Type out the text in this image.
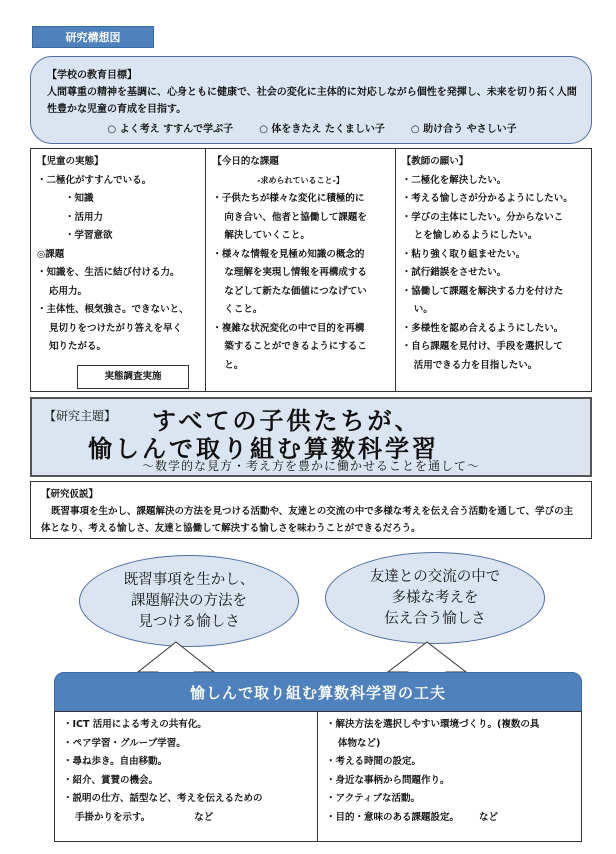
研究構想図
【学校の教育目標】
人間尊重の精神を基調に、心身ともに健康で、社会の変化に主体的に対応しながら個性を発揮し、未来を切り拓く人間性豊かな児童の育成を目指す。
○ よく考え すすんで学ぶ子	○ 体をきたえ たくましい子	○ 助け合う やさしい子
【児童の実態】
・二極化がすすんでいる。
・知識
・活用力
・学習意欲
◎課題
・知識を、生活に結び付ける力。
応用力。
・主体性、根気強さ。できないと、
見切りをつけたがり答えを早く
知りたがる。
実態調査実施
【今日的な課題
-求められていること-】
・子供たちが様々な変化に積極的に
向き合い、他者と協働して課題を
解決していくこと。
・様々な情報を見極め知識の概念的
な理解を実現し情報を再構成する
などして新たな価値につなげてい
くこと。
・複雑な状況変化の中で目的を再構
築することができるようにするこ
と。
【教師の願い】
・二極化を解決したい。
・考える愉しさが分かるようにしたい。
・学びの主体にしたい。分からないこ
とを愉しめるようにしたい。
・粘り強く取り組ませたい。
・試行錯誤をさせたい。
・協働して課題を解決する力を付けた
い。
・多様性を認め合えるようにしたい。
・自ら課題を見付け、手段を選択して
活用できる力を目指したい。
【研究主題】 すべての子供たちが、
愉しんで取り組む算数科学習
～数学的な見方・考え方を豊かに働かせることを通して～
【研究仮説】
既習事項を生かし、課題解決の方法を見つける活動や、友達との交流の中で多様な考えを伝え合う活動を通して、学びの主体となり、考える愉しさ、友達と協働して解決する愉しさを味わうことができるだろう。
既習事項を生かし、
課題解決の方法を
見つける愉しさ
友達との交流の中で
多様な考えを
伝え合う愉しさ
愉しんで取り組む算数科学習の工夫
・ICT 活用による考えの共有化。
・ペア学習・グループ学習。
・尋ね歩き。自由移動。
・紹介、賞賛の機会。
・説明の仕方、話型など、考えを伝えるための
手掛かりを示す。	など
・解決方法を選択しやすい環境づくり。(複数の具
体物など)
・考える時間の設定。
・身近な事柄から問題作り。
・アクティブな活動。
・目的・意味のある課題設定。 など
